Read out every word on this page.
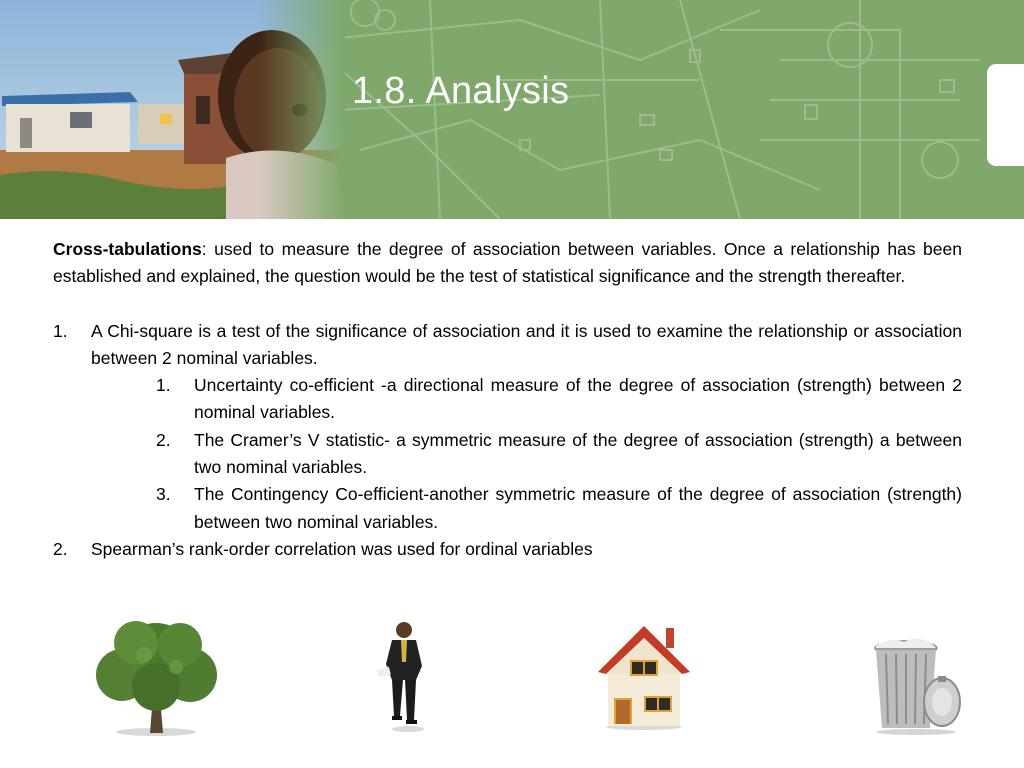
1.8. Analysis

Cross-tabulations: used to measure the degree of association between variables. Once a relationship has been established and explained, the question would be the test of statistical significance and the strength thereafter.

1. A Chi-square is a test of the significance of association and it is used to examine the relationship or association between 2 nominal variables.
1. Uncertainty co-efficient -a directional measure of the degree of association (strength) between 2 nominal variables.
2. The Cramer’s V statistic- a symmetric measure of the degree of association (strength) a between two nominal variables.
3. The Contingency Co-efficient-another symmetric measure of the degree of association (strength) between two nominal variables.
2. Spearman’s rank-order correlation was used for ordinal variables
